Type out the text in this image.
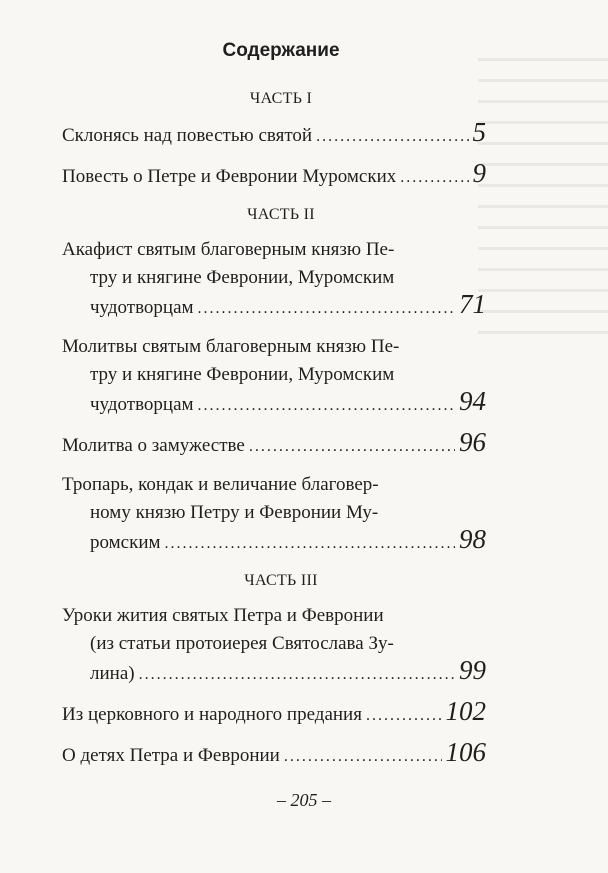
Содержание
ЧАСТЬ I
Склонясь над повестью святой . . .	5
Повесть о Петре и Февронии Муромских . . .	9
ЧАСТЬ II
Акафист святым благоверным князю Пе-
тру и княгине Февронии, Муромским
чудотворцам . . .	71
Молитвы святым благоверным князю Пе-
тру и княгине Февронии, Муромским
чудотворцам . . .	94
Молитва о замужестве . . .	96
Тропарь, кондак и величание благовер-
ному князю Петру и Февронии Му-
ромским . . .	98
ЧАСТЬ III
Уроки жития святых Петра и Февронии
(из статьи протоиерея Святослава Зу-
лина) . . .	99
Из церковного и народного предания . . .	102
О детях Петра и Февронии . . .	106
– 205 –
